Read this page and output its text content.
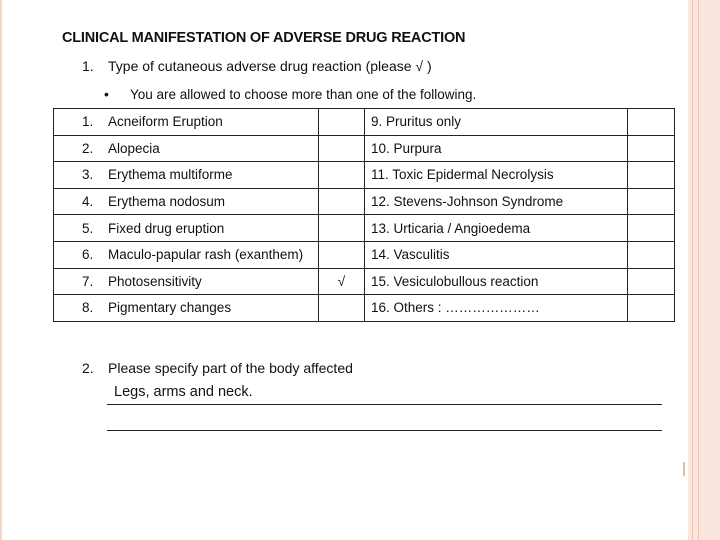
CLINICAL MANIFESTATION OF ADVERSE DRUG REACTION
1. Type of cutaneous adverse drug reaction (please √ )
• You are allowed to choose more than one of the following.
1. Acneiform Eruption		9. Pruritus only	
2. Alopecia		10. Purpura	
3. Erythema multiforme		11. Toxic Epidermal Necrolysis	
4. Erythema nodosum		12. Stevens-Johnson Syndrome	
5. Fixed drug eruption		13. Urticaria / Angioedema	
6. Maculo-papular rash (exanthem)		14. Vasculitis	
7. Photosensitivity	√	15. Vesiculobullous reaction	
8. Pigmentary changes		16. Others : …………………	
2. Please specify part of the body affected
Legs, arms and neck.
